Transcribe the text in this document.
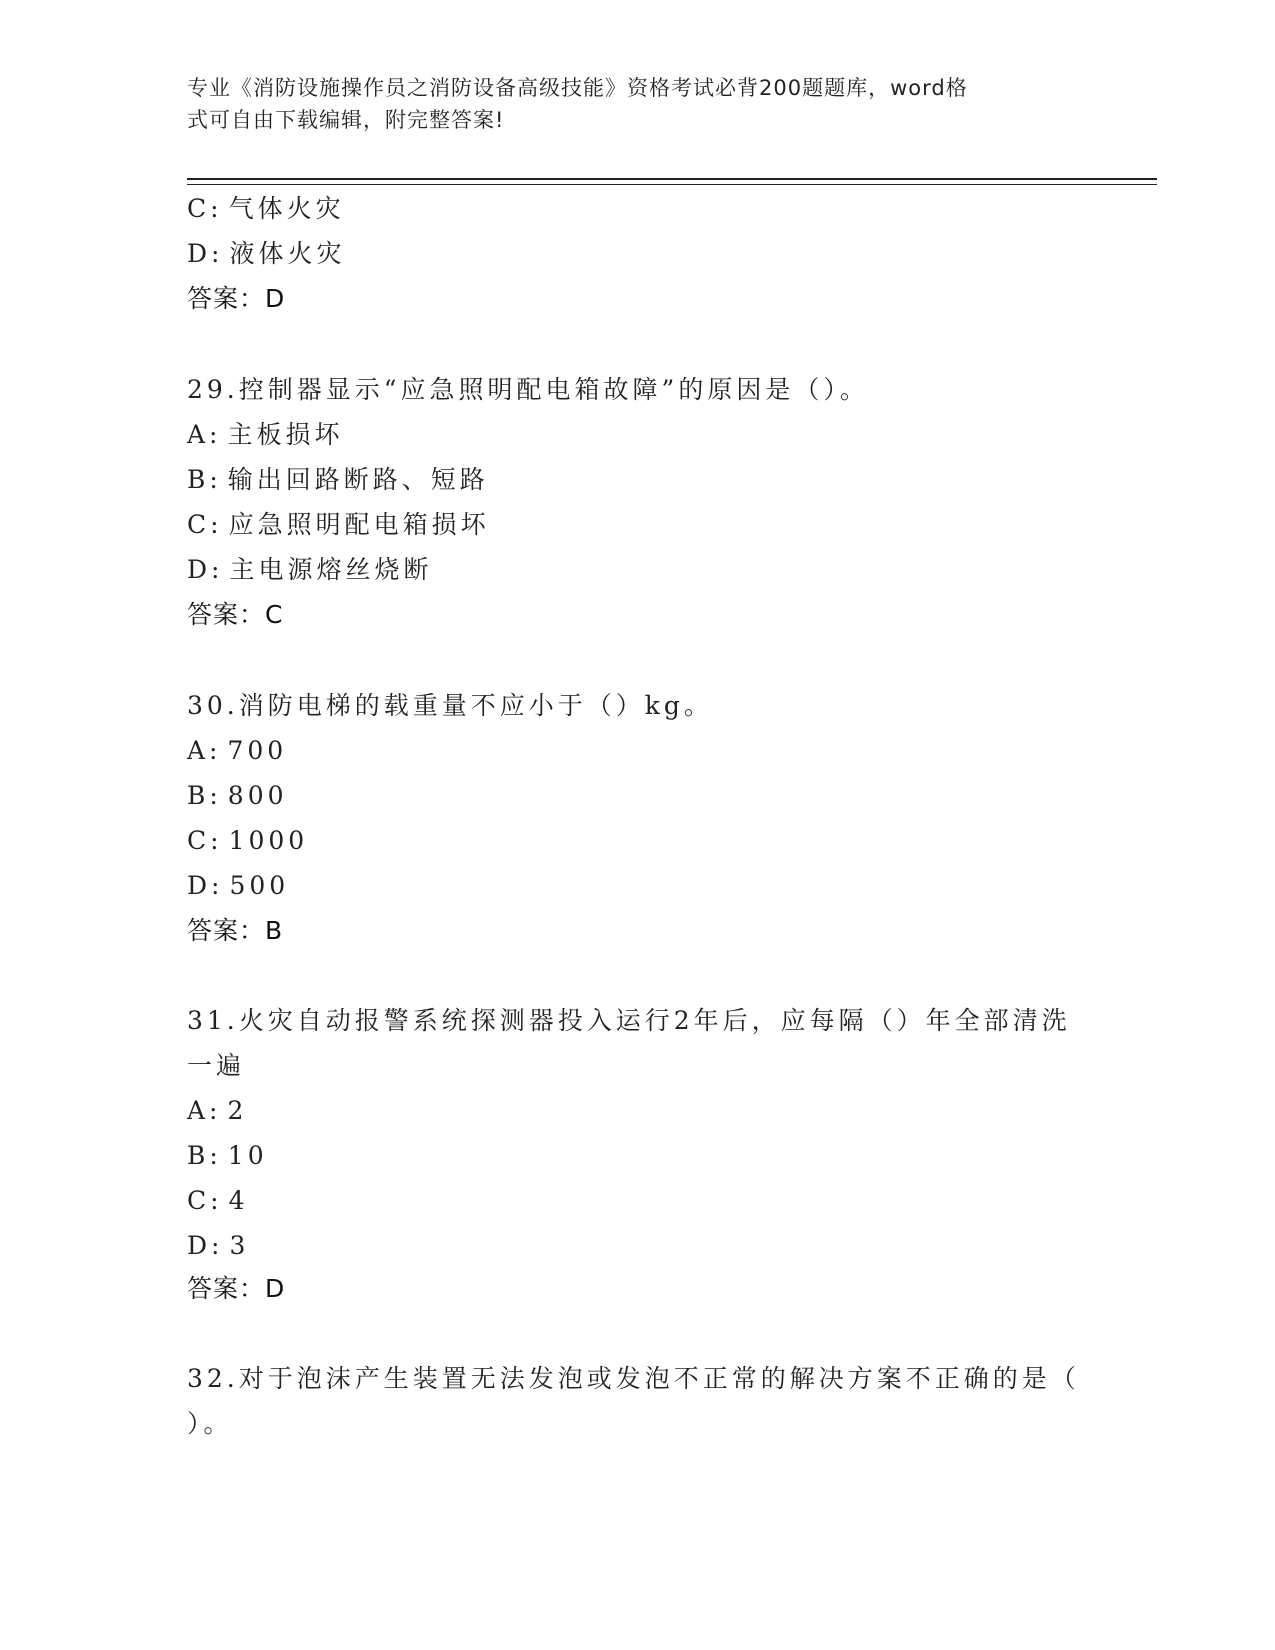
专业《消防设施操作员之消防设备高级技能》资格考试必背200题题库，word格
式可自由下载编辑，附完整答案!
C: 气体火灾
D: 液体火灾
答案：D
29.控制器显示“应急照明配电箱故障”的原因是（）。
A: 主板损坏
B: 输出回路断路、短路
C: 应急照明配电箱损坏
D: 主电源熔丝烧断
答案：C
30.消防电梯的载重量不应小于（）kg。
A: 700
B: 800
C: 1000
D: 500
答案：B
31.火灾自动报警系统探测器投入运行2年后，应每隔（）年全部清洗
一遍
A: 2
B: 10
C: 4
D: 3
答案：D
32.对于泡沫产生装置无法发泡或发泡不正常的解决方案不正确的是（
）。
